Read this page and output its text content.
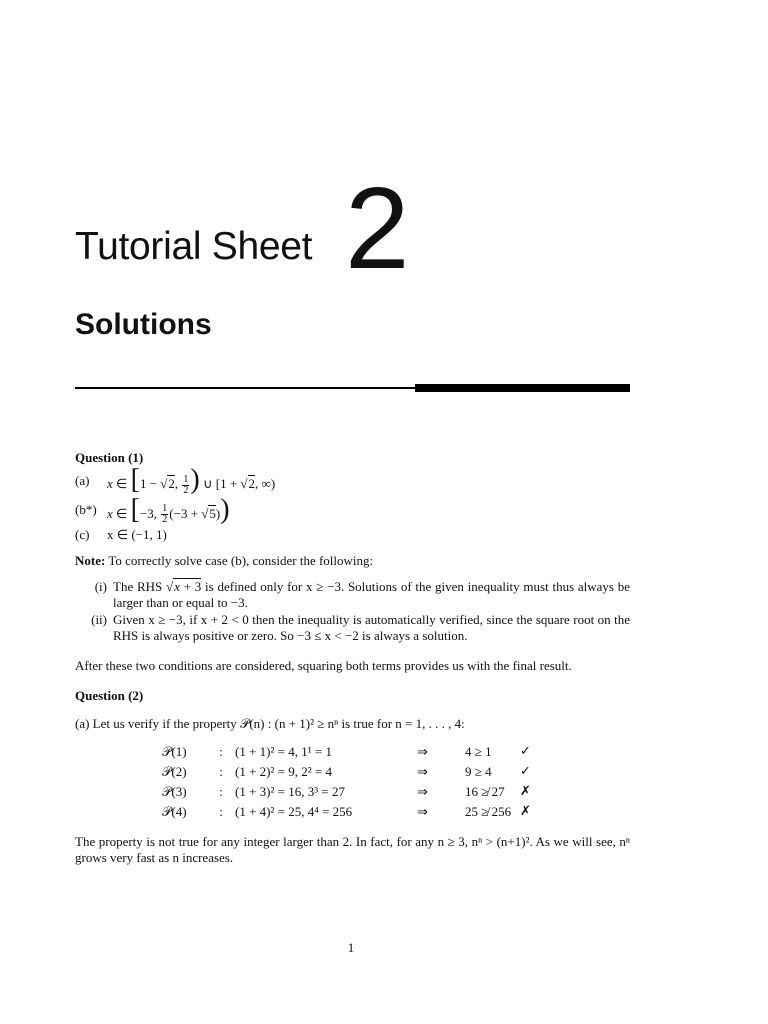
Tutorial Sheet 2
Solutions

Question (1)

(a)	x ∈ [1 − √2, $\frac{1}{2}$ ) ∪ [1 + √2, ∞)
(b*) x ∈ [−3, $\frac{1}{2} (-3 + √5)$)
(c)	x ∈ (−1, 1)
Note: To correctly solve case (b), consider the following:
(i) The RHS √x + 3 is defined only for x ≥ −3. Solutions of the given inequality must thus always be larger than or equal to −3.
(ii) Given x ≥ −3, if x + 2 < 0 then the inequality is automatically verified, since the square root on the RHS is always positive or zero. So −3 ≤ x < −2 is always a solution.
After these two conditions are considered, squaring both terms provides us with the final result.

Question (2)

(a) Let us verify if the property 𝒫(n) : (n + 1)² ≥ nⁿ is true for n = 1, . . . , 4:
𝒫(1)	:	(1 + 1)² = 4, 1¹ = 1	⇒	4 ≥ 1	✓
𝒫(2)	:	(1 + 2)² = 9, 2² = 4	⇒	9 ≥ 4	✓
𝒫(3)	:	(1 + 3)² = 16, 3³ = 27	⇒	16 ≱ 27	✗
𝒫(4)	:	(1 + 4)² = 25, 4⁴ = 256	⇒	25 ≱ 256	✗
The property is not true for any integer larger than 2. In fact, for any n ≥ 3, nⁿ > (n+1)². As we will see, nⁿ grows very fast as n increases.
1
